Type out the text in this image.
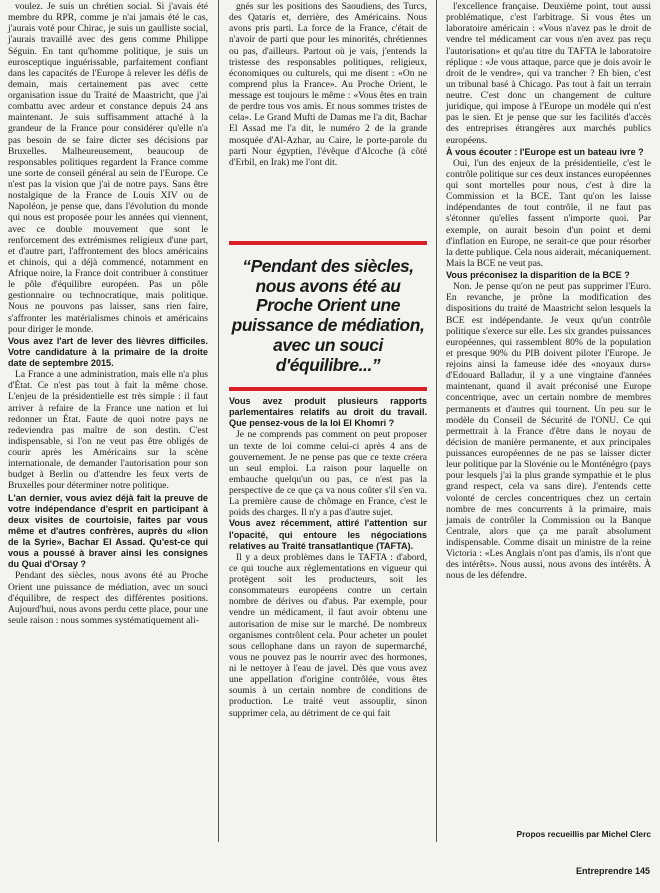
voulez. Je suis un chrétien social. Si j'avais été membre du RPR, comme je n'ai jamais été le cas, j'aurais voté pour Chirac, je suis un gaulliste social, j'aurais travaillé avec des gens comme Philippe Séguin. En tant qu'homme politique, je suis un eurosceptique inguérissable, parfaitement confiant dans les capacités de l'Europe à relever les défis de demain, mais certainement pas avec cette organisation issue du Traité de Maastricht, que j'ai combattu avec ardeur et constance depuis 24 ans maintenant. Je suis suffisamment attaché à la grandeur de la France pour considérer qu'elle n'a pas besoin de se faire dicter ses décisions par Bruxelles. Malheureusement, beaucoup de responsables politiques regardent la France comme une sorte de conseil général au sein de l'Europe. Ce n'est pas la vision que j'ai de notre pays. Sans être nostalgique de la France de Louis XIV ou de Napoléon, je pense que, dans l'évolution du monde qui nous est proposée pour les années qui viennent, avec ce double mouvement que sont le renforcement des extrémismes religieux d'une part, et d'autre part, l'affrontement des blocs américains et chinois, qui a déjà commencé, notamment en Afrique noire, la France doit contribuer à constituer le pôle d'équilibre européen. Pas un pôle gestionnaire ou technocratique, mais politique. Nous ne pouvons pas laisser, sans rien faire, s'affronter les matérialismes chinois et américains pour diriger le monde.

Vous avez l'art de lever des lièvres difficiles. Votre candidature à la primaire de la droite date de septembre 2015.

La France a une administration, mais elle n'a plus d'État. Ce n'est pas tout à fait la même chose. L'enjeu de la présidentielle est très simple : il faut arriver à refaire de la France une nation et lui redonner un État. Faute de quoi notre pays ne redeviendra pas maître de son destin. C'est indispensable, si l'on ne veut pas être obligés de courir après les Américains sur la scène internationale, de demander l'autorisation pour son budget à Berlin ou d'attendre les feux verts de Bruxelles pour déterminer notre politique.

L'an dernier, vous aviez déjà fait la preuve de votre indépendance d'esprit en participant à deux visites de courtoisie, faites par vous même et d'autres confrères, auprès du «lion de la Syrie», Bachar El Assad. Qu'est-ce qui vous a poussé à braver ainsi les consignes du Quai d'Orsay ?

Pendant des siècles, nous avons été au Proche Orient une puissance de médiation, avec un souci d'équilibre, de respect des différentes positions. Aujourd'hui, nous avons perdu cette place, pour une seule raison : nous sommes systématiquement ali-

gnés sur les positions des Saoudiens, des Turcs, des Qataris et, derrière, des Américains. Nous avons pris parti. La force de la France, c'était de n'avoir de parti que pour les minorités, chrétiennes ou pas, d'ailleurs. Partout où je vais, j'entends la tristesse des responsables politiques, religieux, économiques ou culturels, qui me disent : «On ne comprend plus la France». Au Proche Orient, le message est toujours le même : «Vous êtes en train de perdre tous vos amis. Et nous sommes tristes de cela». Le Grand Mufti de Damas me l'a dit, Bachar El Assad me l'a dit, le numéro 2 de la grande mosquée d'Al-Azhar, au Caire, le porte-parole du parti Nour égyptien, l'évêque d'Alcoche (à côté d'Erbil, en Irak) me l'ont dit.

“Pendant des siècles, nous avons été au Proche Orient une puissance de médiation, avec un souci d'équilibre...”

Vous avez produit plusieurs rapports parlementaires relatifs au droit du travail. Que pensez-vous de la loi El Khomri ?

Je ne comprends pas comment on peut proposer un texte de loi comme celui-ci après 4 ans de gouvernement. Je ne pense pas que ce texte créera un seul emploi. La raison pour laquelle on embauche quelqu'un ou pas, ce n'est pas la perspective de ce que ça va nous coûter s'il s'en va. La première cause de chômage en France, c'est le poids des charges. Il n'y a pas d'autre sujet.

Vous avez récemment, attiré l'attention sur l'opacité, qui entoure les négociations relatives au Traité transatlantique (TAFTA).

Il y a deux problèmes dans le TAFTA : d'abord, ce qui touche aux règlementations en vigueur qui protègent soit les producteurs, soit les consommateurs européens contre un certain nombre de dérives ou d'abus. Par exemple, pour vendre un médicament, il faut avoir obtenu une autorisation de mise sur le marché. De nombreux organismes contrôlent cela. Pour acheter un poulet sous cellophane dans un rayon de supermarché, vous ne pouvez pas le nourrir avec des hormones, ni le nettoyer à l'eau de javel. Dès que vous avez une appellation d'origine contrôlée, vous êtes soumis à un certain nombre de conditions de production. Le traité veut assouplir, sinon supprimer cela, au détriment de ce qui fait

l'excellence française. Deuxième point, tout aussi problématique, c'est l'arbitrage. Si vous êtes un laboratoire américain : «Vous n'avez pas le droit de vendre tel médicament car vous n'en avez pas reçu l'autorisation» et qu'au titre du TAFTA le laboratoire réplique : «Je vous attaque, parce que je dois avoir le droit de le vendre», qui va trancher ? Eh bien, c'est un tribunal basé à Chicago. Pas tout à fait un terrain neutre. C'est donc un changement de culture juridique, qui impose à l'Europe un modèle qui n'est pas le sien. Et je pense que sur les facilités d'accès des entreprises étrangères aux marchés publics européens.

À vous écouter : l'Europe est un bateau ivre ?

Oui, l'un des enjeux de la présidentielle, c'est le contrôle politique sur ces deux instances européennes qui sont mortelles pour nous, c'est à dire la Commission et la BCE. Tant qu'on les laisse indépendantes de tout contrôle, il ne faut pas s'étonner qu'elles fassent n'importe quoi. Par exemple, on aurait besoin d'un point et demi d'inflation en Europe, ne serait-ce que pour résorber la dette publique. Cela nous aiderait, mécaniquement. Mais la BCE ne veut pas.

Vous préconisez la disparition de la BCE ?

Non. Je pense qu'on ne peut pas supprimer l'Euro. En revanche, je prône la modification des dispositions du traité de Maastricht selon lesquels la BCE est indépendante. Je veux qu'un contrôle politique s'exerce sur elle. Les six grandes puissances européennes, qui rassemblent 80% de la population et presque 90% du PIB doivent piloter l'Europe. Je rejoins ainsi la fameuse idée des «noyaux durs» d'Edouard Balladur, il y a une vingtaine d'années maintenant, quand il avait préconisé une Europe concentrique, avec un certain nombre de membres permanents et d'autres qui tournent. Un peu sur le modèle du Conseil de Sécurité de l'ONU. Ce qui permettrait à la France d'être dans le noyau de décision de manière permanente, et aux principales puissances européennes de ne pas se laisser dicter leur politique par la Slovénie ou le Monténégro (pays pour lesquels j'ai la plus grande sympathie et le plus grand respect, cela va sans dire). J'entends cette volonté de cercles concentriques chez un certain nombre de mes concurrents à la primaire, mais jamais de contrôler la Commission ou la Banque Centrale, alors que ça me paraît absolument indispensable. Comme disait un ministre de la reine Victoria : «Les Anglais n'ont pas d'amis, ils n'ont que des intérêts». Nous aussi, nous avons des intérêts. À nous de les défendre.

Propos recueillis par Michel Clerc
Entreprendre 145
